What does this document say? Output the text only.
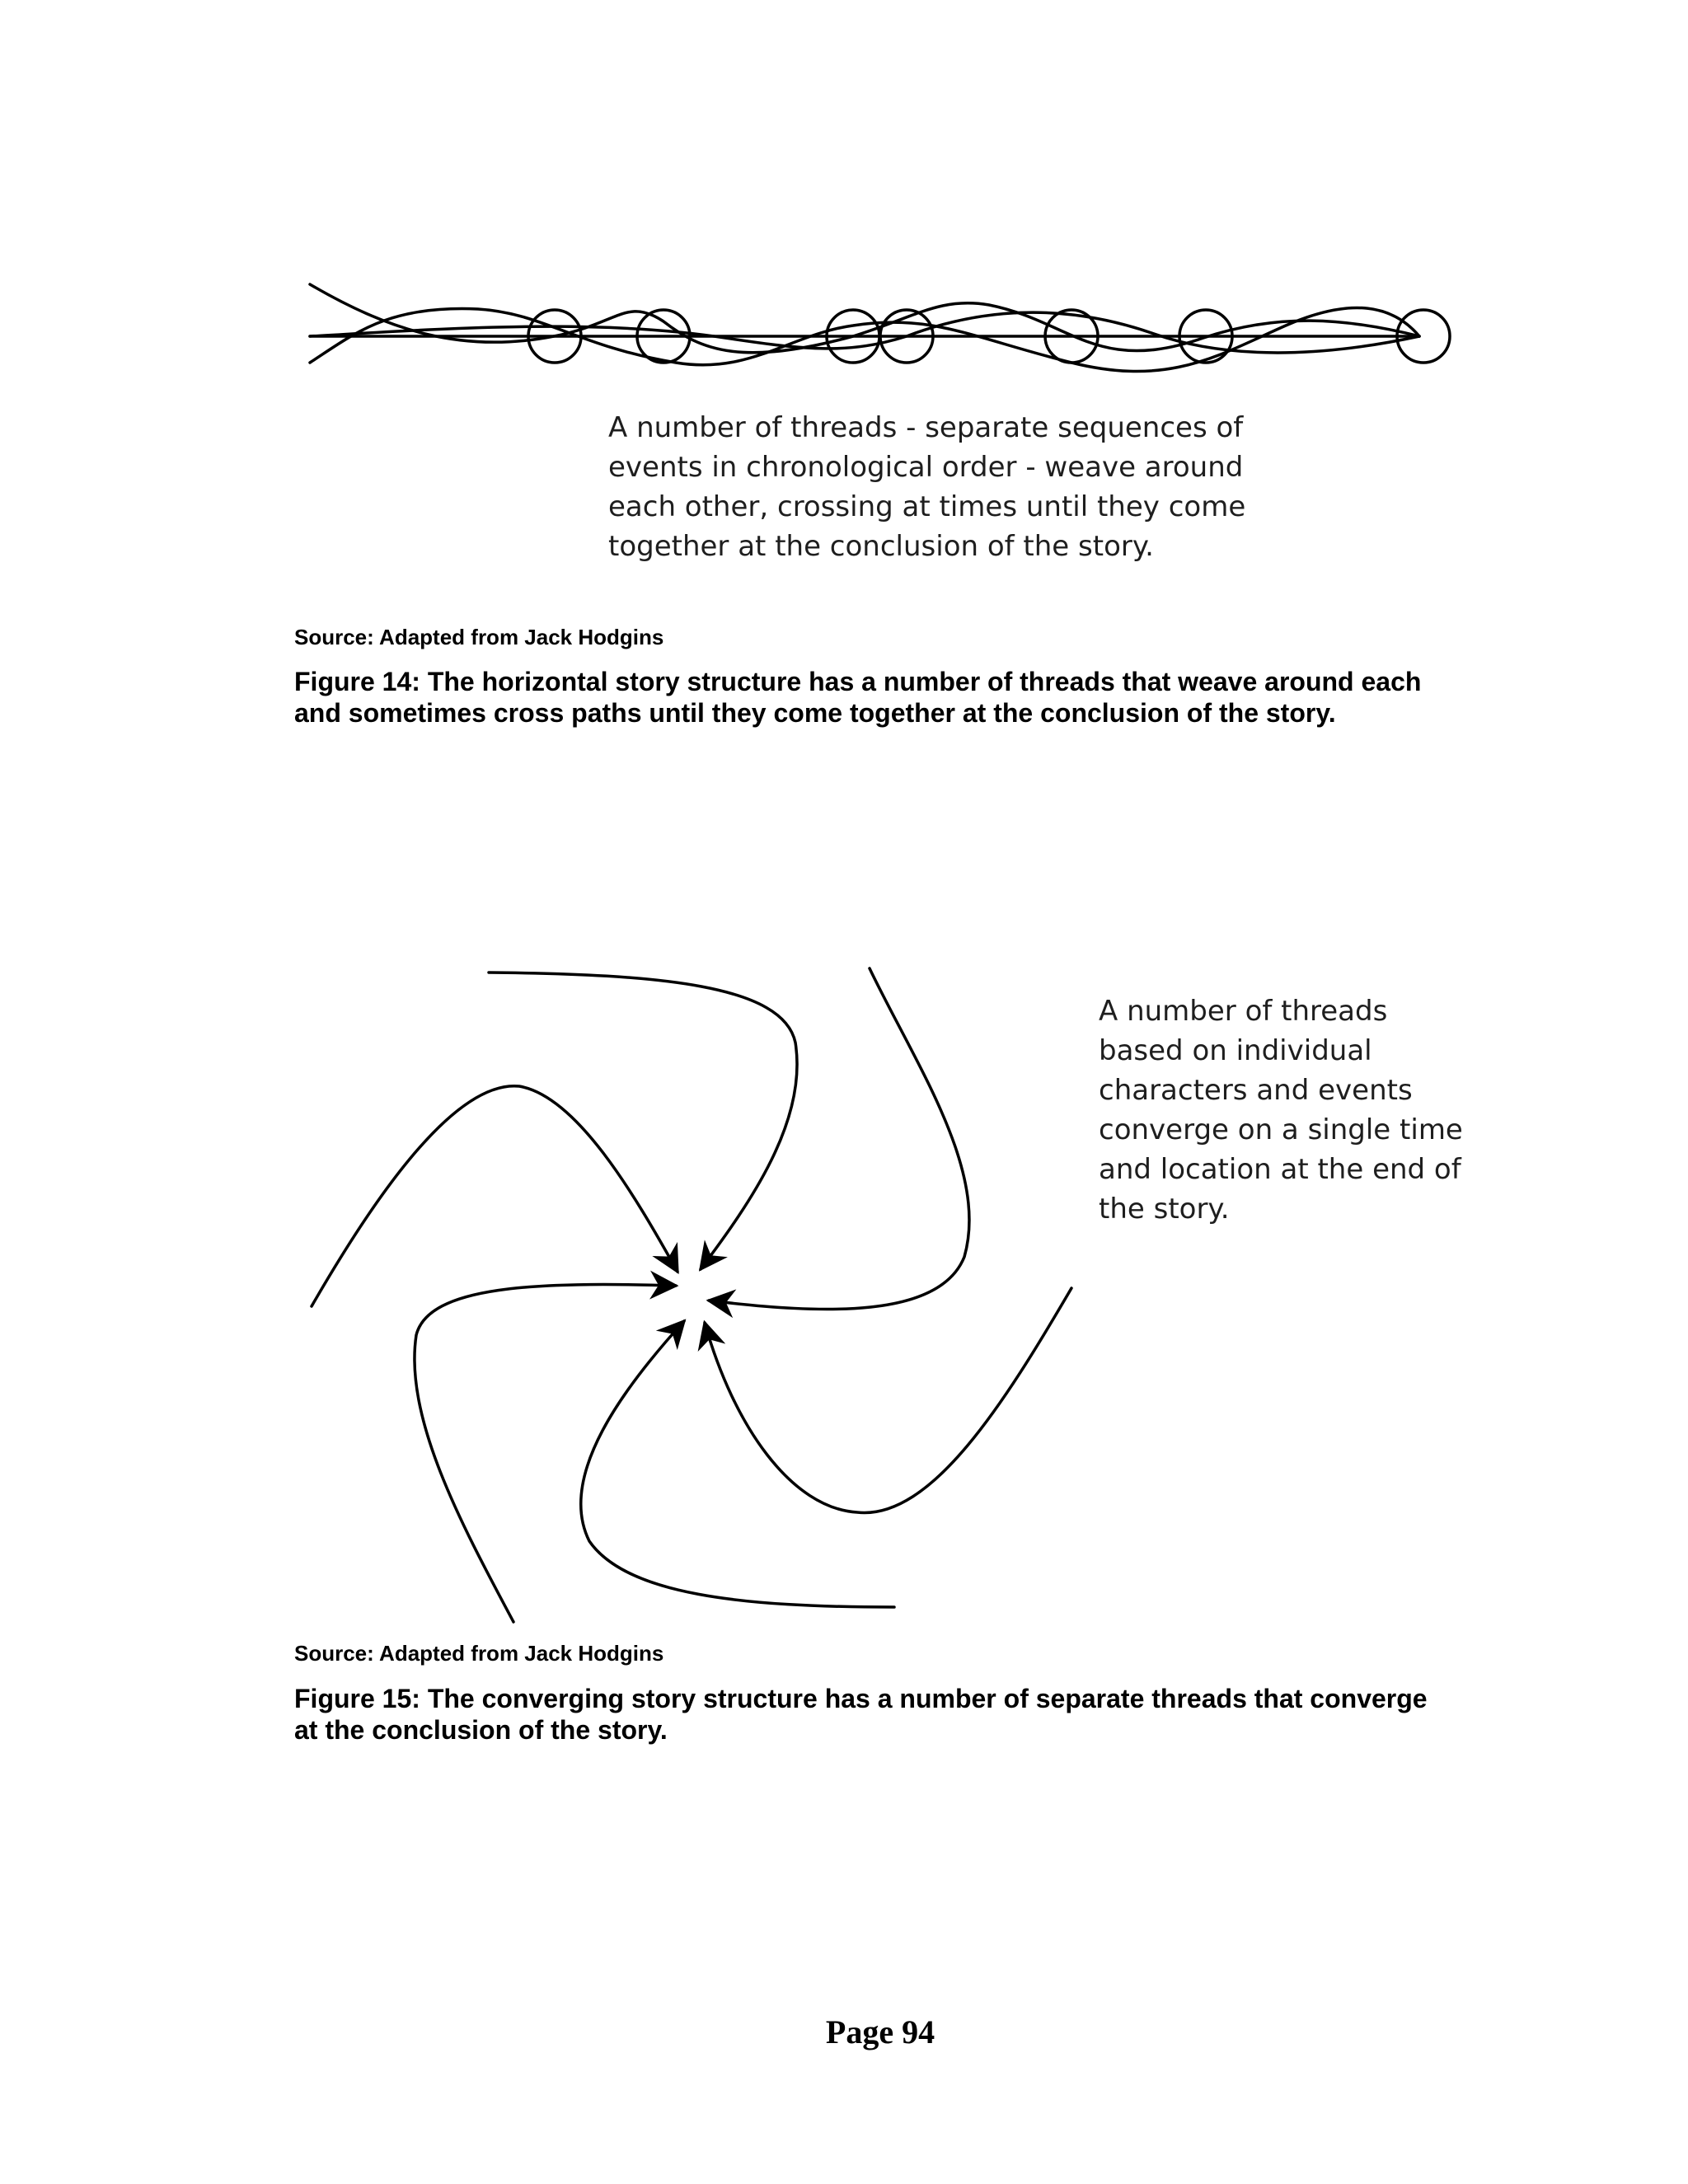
A number of threads - separate sequences of
events in chronological order - weave around
each other, crossing at times until they come
together at the conclusion of the story.

Source: Adapted from Jack Hodgins

Figure 14: The horizontal story structure has a number of threads that weave around each
and sometimes cross paths until they come together at the conclusion of the story.
A number of threads
based on individual
characters and events
converge on a single time
and location at the end of
the story.

Source: Adapted from Jack Hodgins

Figure 15: The converging story structure has a number of separate threads that converge
at the conclusion of the story.

Page 94
